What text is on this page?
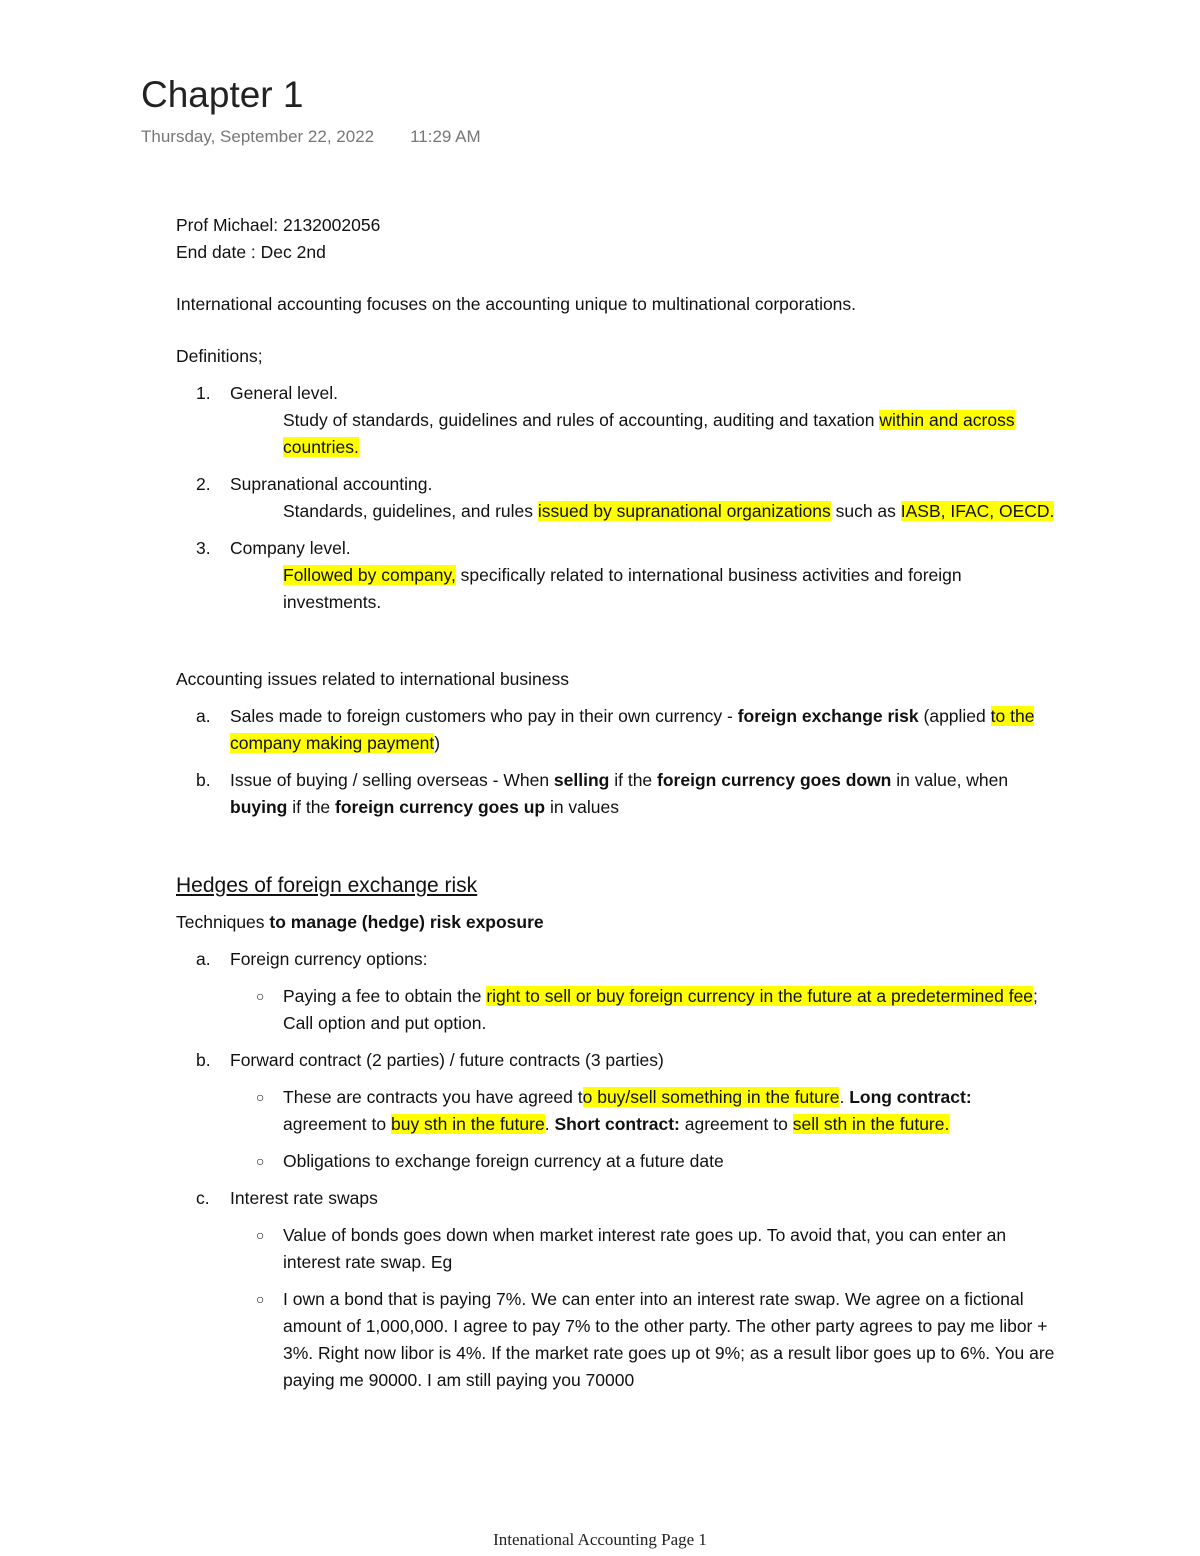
Chapter 1
Thursday, September 22, 2022 11:29 AM

Prof Michael: 2132002056

End date : Dec 2nd

International accounting focuses on the accounting unique to multinational corporations.

Definitions;

1. General level.

Study of standards, guidelines and rules of accounting, auditing and taxation within and across countries.

2. Supranational accounting.

Standards, guidelines, and rules issued by supranational organizations such as IASB, IFAC, OECD.

3. Company level.

Followed by company, specifically related to international business activities and foreign investments.

Accounting issues related to international business

a. Sales made to foreign customers who pay in their own currency - foreign exchange risk (applied to the company making payment)
b. Issue of buying / selling overseas - When selling if the foreign currency goes down in value, when buying if the foreign currency goes up in values
Hedges of foreign exchange risk

Techniques to manage (hedge) risk exposure

a. Foreign currency options:
○ Paying a fee to obtain the right to sell or buy foreign currency in the future at a predetermined fee; Call option and put option.
b. Forward contract (2 parties) / future contracts (3 parties)
○ These are contracts you have agreed to buy/sell something in the future. Long contract: agreement to buy sth in the future. Short contract: agreement to sell sth in the future.
○ Obligations to exchange foreign currency at a future date
c. Interest rate swaps
○ Value of bonds goes down when market interest rate goes up. To avoid that, you can enter an interest rate swap. Eg
○ I own a bond that is paying 7%. We can enter into an interest rate swap. We agree on a fictional amount of 1,000,000. I agree to pay 7% to the other party. The other party agrees to pay me libor + 3%. Right now libor is 4%. If the market rate goes up ot 9%; as a result libor goes up to 6%. You are paying me 90000. I am still paying you 70000
Intenational Accounting Page 1
